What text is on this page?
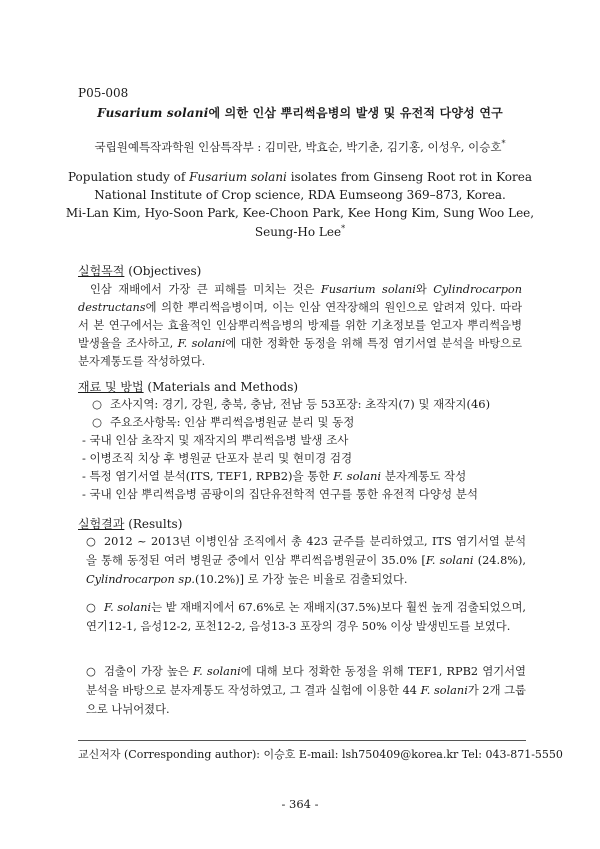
P05-008
Fusarium solani에 의한 인삼 뿌리썩음병의 발생 및 유전적 다양성 연구
국립원예특작과학원 인삼특작부 : 김미란, 박효순, 박기춘, 김기홍, 이성우, 이승호*
Population study of Fusarium solani isolates from Ginseng Root rot in Korea
National Institute of Crop science, RDA Eumseong 369–873, Korea.
Mi-Lan Kim, Hyo-Soon Park, Kee-Choon Park, Kee Hong Kim, Sung Woo Lee,
Seung-Ho Lee*
실험목적 (Objectives)
인삼 재배에서 가장 큰 피해를 미치는 것은 Fusarium solani와 Cylindrocarpon destructans에 의한 뿌리썩음병이며, 이는 인삼 연작장해의 원인으로 알려져 있다. 따라서 본 연구에서는 효율적인 인삼뿌리썩음병의 방제를 위한 기초정보를 얻고자 뿌리썩음병 발생율을 조사하고, F. solani에 대한 정확한 동정을 위해 특정 염기서열 분석을 바탕으로 분자계통도를 작성하였다.
재료 및 방법 (Materials and Methods)
○ 조사지역: 경기, 강원, 충북, 충남, 전남 등 53포장: 초작지(7) 및 재작지(46)
○ 주요조사항목: 인삼 뿌리썩음병원균 분리 및 동정
- 국내 인삼 초작지 및 재작지의 뿌리썩음병 발생 조사
- 이병조직 치상 후 병원균 단포자 분리 및 현미경 검경
- 특정 염기서열 분석(ITS, TEF1, RPB2)을 통한 F. solani 분자계통도 작성
- 국내 인삼 뿌리썩음병 곰팡이의 집단유전학적 연구를 통한 유전적 다양성 분석
실험결과 (Results)
○ 2012 ~ 2013년 이병인삼 조직에서 총 423 균주를 분리하였고, ITS 염기서열 분석을 통해 동정된 여러 병원균 중에서 인삼 뿌리썩음병원균이 35.0% [F. solani (24.8%), Cylindrocarpon sp.(10.2%)] 로 가장 높은 비율로 검출되었다.
○ F. solani는 밭 재배지에서 67.6%로 논 재배지(37.5%)보다 훨씬 높게 검출되었으며, 연기12-1, 음성12-2, 포천12-2, 음성13-3 포장의 경우 50% 이상 발생빈도를 보였다.
○ 검출이 가장 높은 F. solani에 대해 보다 정확한 동정을 위해 TEF1, RPB2 염기서열 분석을 바탕으로 분자계통도 작성하였고, 그 결과 실험에 이용한 44 F. solani가 2개 그룹으로 나뉘어졌다.
교신저자 (Corresponding author): 이승호 E-mail: lsh750409@korea.kr Tel: 043-871-5550
- 364 -
